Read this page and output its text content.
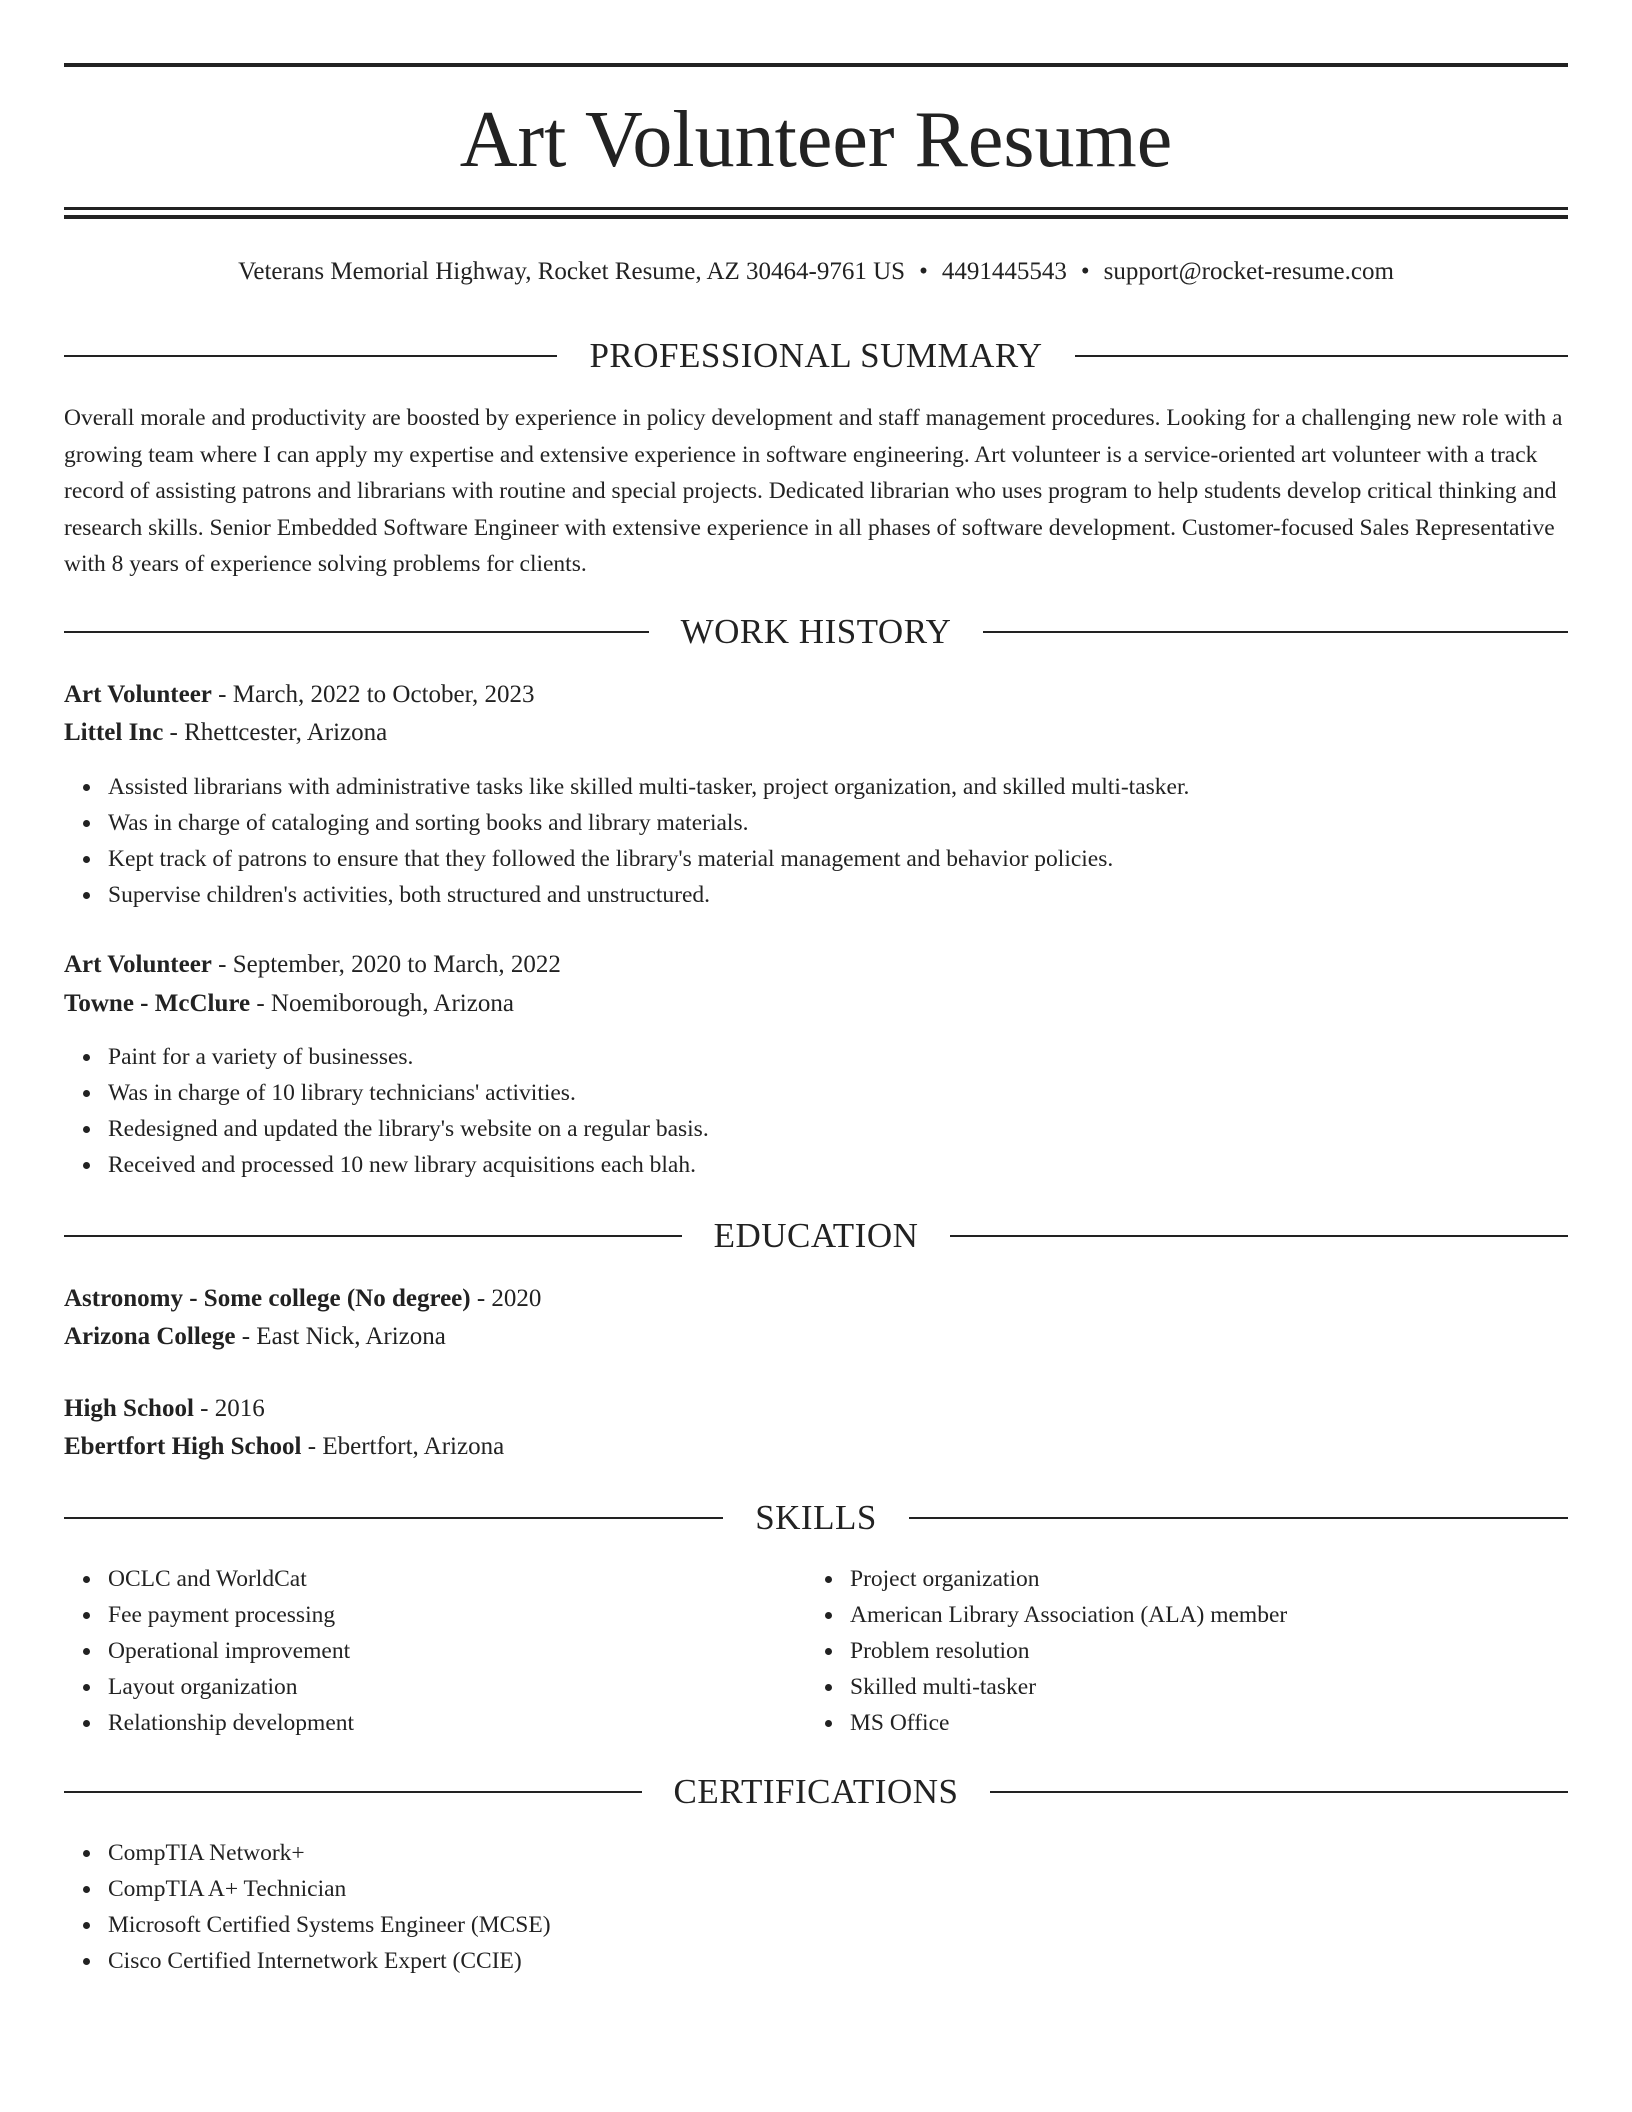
Art Volunteer Resume
Veterans Memorial Highway, Rocket Resume, AZ 30464-9761 US • 4491445543 • support@rocket-resume.com
PROFESSIONAL SUMMARY

Overall morale and productivity are boosted by experience in policy development and staff management procedures. Looking for a challenging new role with a growing team where I can apply my expertise and extensive experience in software engineering. Art volunteer is a service-oriented art volunteer with a track record of assisting patrons and librarians with routine and special projects. Dedicated librarian who uses program to help students develop critical thinking and research skills. Senior Embedded Software Engineer with extensive experience in all phases of software development. Customer-focused Sales Representative with 8 years of experience solving problems for clients.

WORK HISTORY
Art Volunteer - March, 2022 to October, 2023
Littel Inc - Rhettcester, Arizona
Assisted librarians with administrative tasks like skilled multi-tasker, project organization, and skilled multi-tasker.
Was in charge of cataloging and sorting books and library materials.
Kept track of patrons to ensure that they followed the library's material management and behavior policies.
Supervise children's activities, both structured and unstructured.
Art Volunteer - September, 2020 to March, 2022
Towne - McClure - Noemiborough, Arizona
Paint for a variety of businesses.
Was in charge of 10 library technicians' activities.
Redesigned and updated the library's website on a regular basis.
Received and processed 10 new library acquisitions each blah.
EDUCATION
Astronomy - Some college (No degree) - 2020
Arizona College - East Nick, Arizona
High School - 2016
Ebertfort High School - Ebertfort, Arizona
SKILLS
OCLC and WorldCat
Fee payment processing
Operational improvement
Layout organization
Relationship development
Project organization
American Library Association (ALA) member
Problem resolution
Skilled multi-tasker
MS Office
CERTIFICATIONS
CompTIA Network+
CompTIA A+ Technician
Microsoft Certified Systems Engineer (MCSE)
Cisco Certified Internetwork Expert (CCIE)
